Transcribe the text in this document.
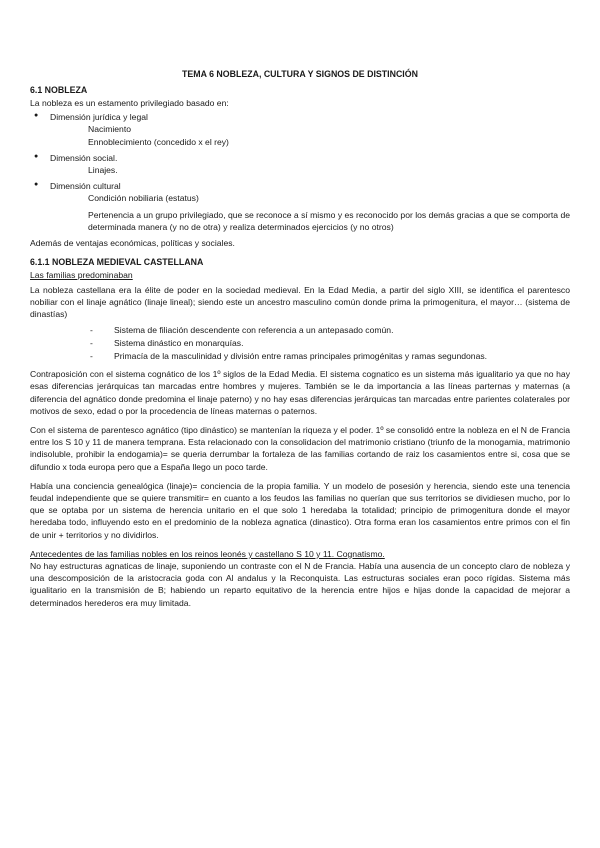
TEMA 6 NOBLEZA, CULTURA Y SIGNOS DE DISTINCIÓN

6.1 NOBLEZA

La nobleza es un estamento privilegiado basado en:

● Dimensión jurídica y legal
Nacimiento
Ennoblecimiento (concedido x el rey)
● Dimensión social.
Linajes.
● Dimensión cultural
Condición nobiliaria (estatus)
Pertenencia a un grupo privilegiado, que se reconoce a sí mismo y es reconocido por los demás gracias a que se comporta de determinada manera (y no de otra) y realiza determinados ejercicios (y no otros)

Además de ventajas económicas, políticas y sociales.

6.1.1 NOBLEZA MEDIEVAL CASTELLANA

Las familias predominaban

La nobleza castellana era la élite de poder en la sociedad medieval. En la Edad Media, a partir del siglo XIII, se identifica el parentesco nobiliar con el linaje agnático (linaje lineal); siendo este un ancestro masculino común donde prima la primogenitura, el mayor… (sistema de dinastías)

- Sistema de filiación descendente con referencia a un antepasado común.
- Sistema dinástico en monarquías.
- Primacía de la masculinidad y división entre ramas principales primogénitas y ramas segundonas.

Contraposición con el sistema cognático de los 1º siglos de la Edad Media. El sistema cognatico es un sistema más igualitario ya que no hay esas diferencias jerárquicas tan marcadas entre hombres y mujeres. También se le da importancia a las líneas parternas y maternas (a diferencia del agnático donde predomina el linaje paterno) y no hay esas diferencias jerárquicas tan marcadas entre parientes colaterales por motivos de sexo, edad o por la procedencia de líneas maternas o paternos.

Con el sistema de parentesco agnático (tipo dinástico) se mantenían la riqueza y el poder. 1º se consolidó entre la nobleza en el N de Francia entre los S 10 y 11 de manera temprana. Esta relacionado con la consolidacion del matrimonio cristiano (triunfo de la monogamia, matrimonio indisoluble, prohibir la endogamia)= se queria derrumbar la fortaleza de las familias cortando de raiz los casamientos entre si, cosa que se difundio x toda europa pero que a España llego un poco tarde.

Había una conciencia genealógica (linaje)= conciencia de la propia familia. Y un modelo de posesión y herencia, siendo este una tenencia feudal independiente que se quiere transmitir= en cuanto a los feudos las familias no querían que sus territorios se dividiesen mucho, por lo que se optaba por un sistema de herencia unitario en el que solo 1 heredaba la totalidad; principio de primogenitura donde el mayor heredaba todo, influyendo esto en el predominio de la nobleza agnatica (dinastico). Otra forma eran los casamientos entre primos con el fin de unir + territorios y no dividirlos.

Antecedentes de las familias nobles en los reinos leonés y castellano S 10 y 11. Cognatismo.

No hay estructuras agnaticas de linaje, suponiendo un contraste con el N de Francia. Había una ausencia de un concepto claro de nobleza y una descomposición de la aristocracia goda con Al andalus y la Reconquista. Las estructuras sociales eran poco rígidas. Sistema más igualitario en la transmisión de B; habiendo un reparto equitativo de la herencia entre hijos e hijas donde la capacidad de mejorar a determinados herederos era muy limitada.
